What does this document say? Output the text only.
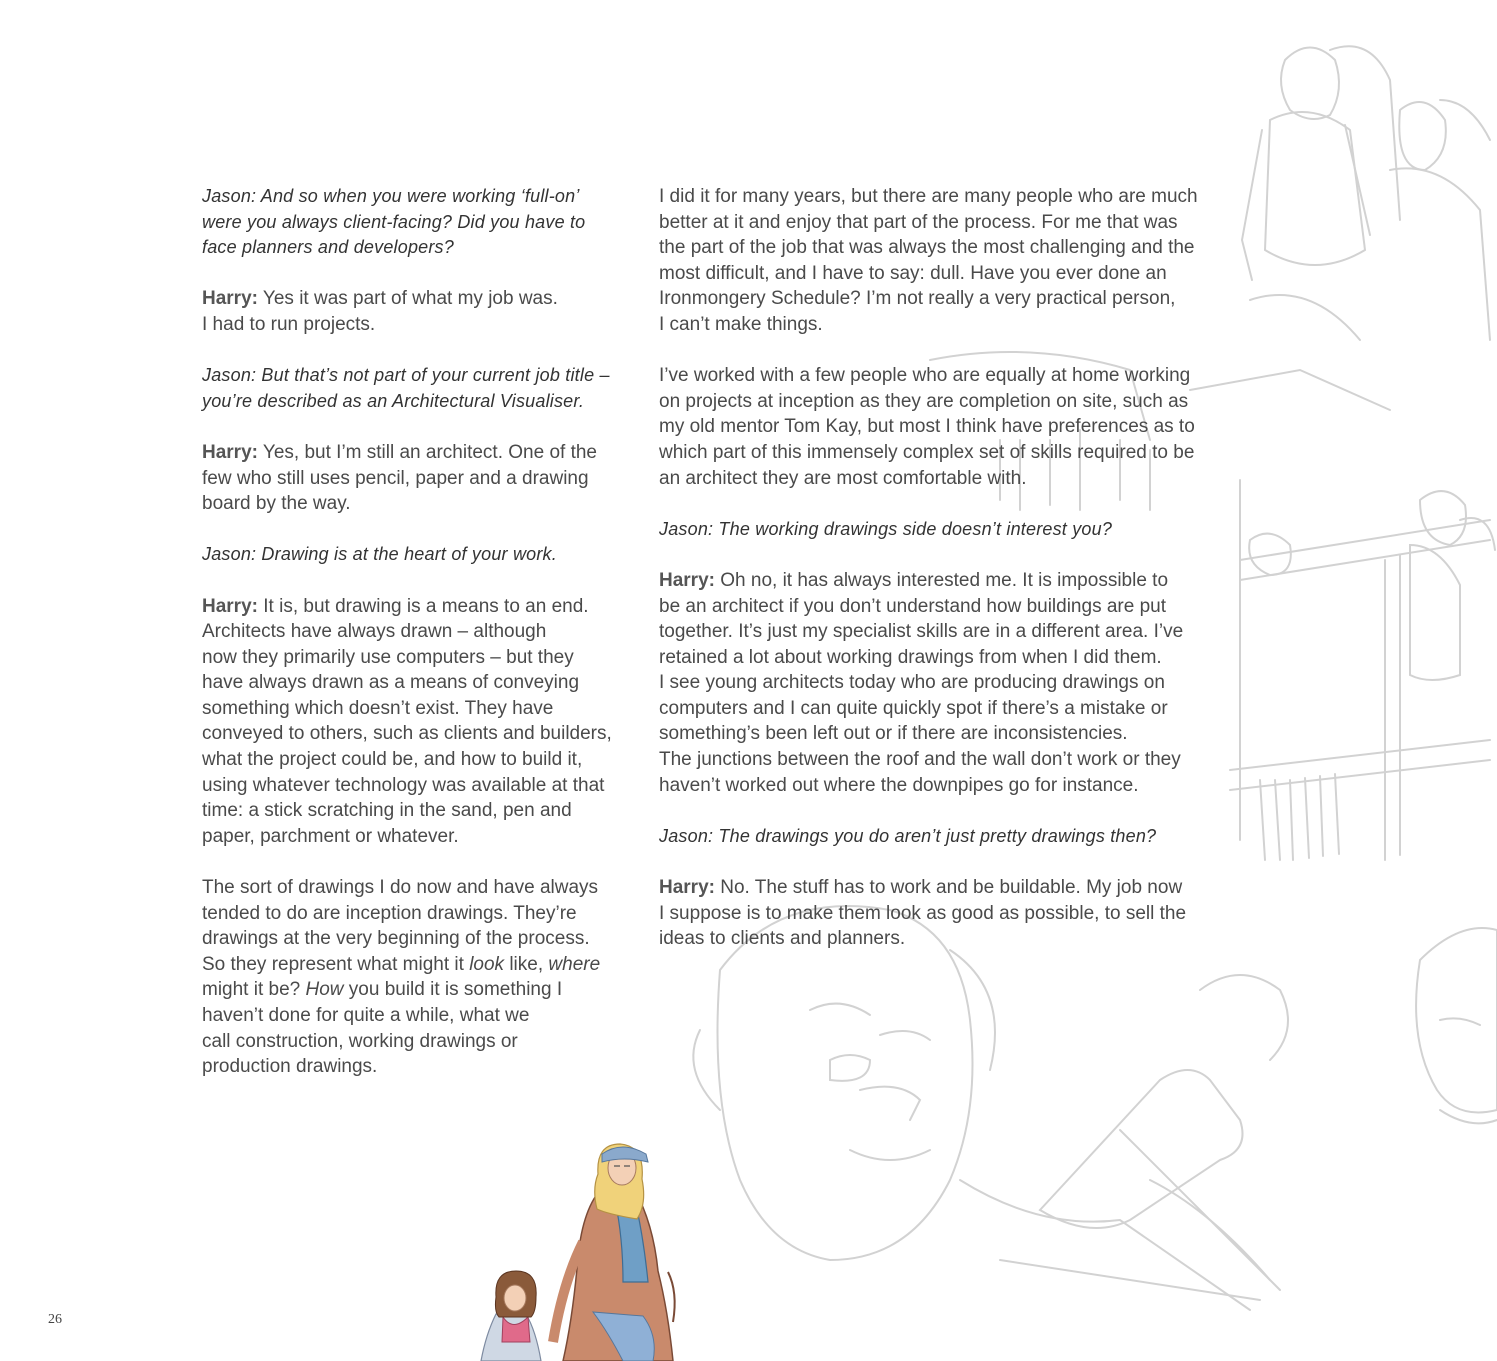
Jason: And so when you were working ‘full-on’
were you always client-facing? Did you have to
face planners and developers?

Harry: Yes it was part of what my job was.
I had to run projects.

Jason: But that’s not part of your current job title –
you’re described as an Architectural Visualiser.

Harry: Yes, but I’m still an architect. One of the
few who still uses pencil, paper and a drawing
board by the way.

Jason: Drawing is at the heart of your work.

Harry: It is, but drawing is a means to an end.
Architects have always drawn – although
now they primarily use computers – but they
have always drawn as a means of conveying
something which doesn’t exist. They have
conveyed to others, such as clients and builders,
what the project could be, and how to build it,
using whatever technology was available at that
time: a stick scratching in the sand, pen and
paper, parchment or whatever.

The sort of drawings I do now and have always
tended to do are inception drawings. They’re
drawings at the very beginning of the process.
So they represent what might it look like, where
might it be? How you build it is something I
haven’t done for quite a while, what we
call construction, working drawings or
production drawings.

I did it for many years, but there are many people who are much
better at it and enjoy that part of the process. For me that was
the part of the job that was always the most challenging and the
most difficult, and I have to say: dull. Have you ever done an
Ironmongery Schedule? I’m not really a very practical person,
I can’t make things.

I’ve worked with a few people who are equally at home working
on projects at inception as they are completion on site, such as
my old mentor Tom Kay, but most I think have preferences as to
which part of this immensely complex set of skills required to be
an architect they are most comfortable with.

Jason: The working drawings side doesn’t interest you?

Harry: Oh no, it has always interested me. It is impossible to
be an architect if you don’t understand how buildings are put
together. It’s just my specialist skills are in a different area. I’ve
retained a lot about working drawings from when I did them.
I see young architects today who are producing drawings on
computers and I can quite quickly spot if there’s a mistake or
something’s been left out or if there are inconsistencies.
The junctions between the roof and the wall don’t work or they
haven’t worked out where the downpipes go for instance.

Jason: The drawings you do aren’t just pretty drawings then?

Harry: No. The stuff has to work and be buildable. My job now
I suppose is to make them look as good as possible, to sell the
ideas to clients and planners.

26
